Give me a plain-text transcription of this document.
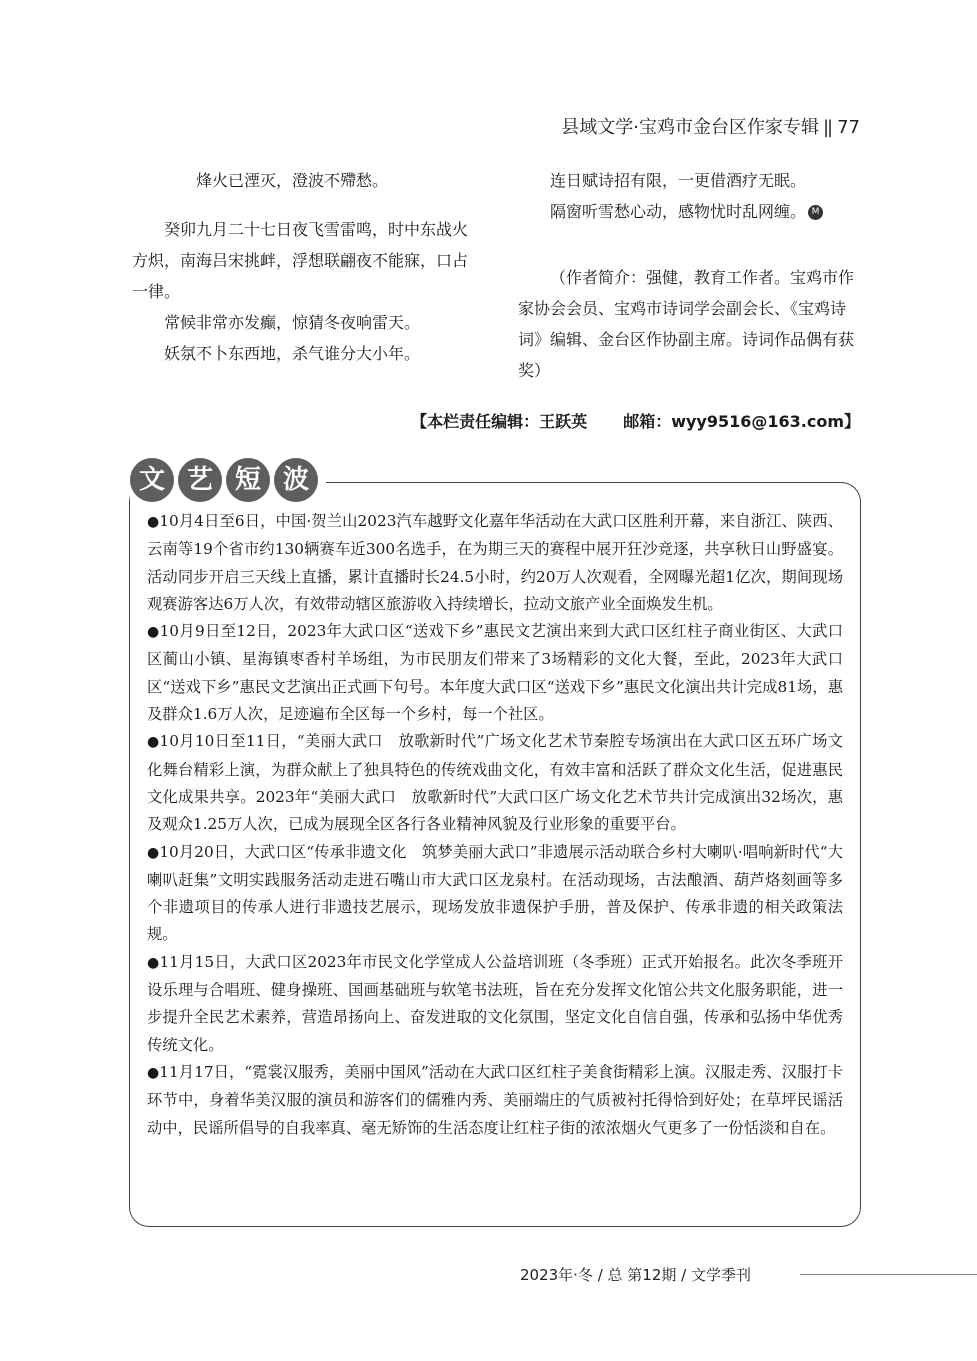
县域文学·宝鸡市金台区作家专辑 || 77

烽火已湮灭，澄波不殢愁。

癸卯九月二十七日夜飞雪雷鸣，时中东战火方炽，南海吕宋挑衅，浮想联翩夜不能寐，口占一律。

常候非常亦发癫，惊猜冬夜响雷天。

妖氛不卜东西地，杀气谁分大小年。

连日赋诗招有限，一更借酒疗无眠。

隔窗听雪愁心动，感物忧时乱网缠。 M

（作者简介：强健，教育工作者。宝鸡市作家协会会员、宝鸡市诗词学会副会长、《宝鸡诗词》编辑、金台区作协副主席。诗词作品偶有获奖）

【本栏责任编辑：王跃英 邮箱：wyy9516@163.com】
文 艺 短 波

●10月4日至6日，中国·贺兰山2023汽车越野文化嘉年华活动在大武口区胜利开幕，来自浙江、陕西、云南等19个省市约130辆赛车近300名选手，在为期三天的赛程中展开狂沙竞逐，共享秋日山野盛宴。活动同步开启三天线上直播，累计直播时长24.5小时，约20万人次观看，全网曝光超1亿次，期间现场观赛游客达6万人次，有效带动辖区旅游收入持续增长，拉动文旅产业全面焕发生机。

●10月9日至12日，2023年大武口区“送戏下乡”惠民文艺演出来到大武口区红柱子商业街区、大武口区蔺山小镇、星海镇枣香村羊场组，为市民朋友们带来了3场精彩的文化大餐，至此，2023年大武口区“送戏下乡”惠民文艺演出正式画下句号。本年度大武口区“送戏下乡”惠民文化演出共计完成81场，惠及群众1.6万人次，足迹遍布全区每一个乡村，每一个社区。

●10月10日至11日，“美丽大武口　放歌新时代”广场文化艺术节秦腔专场演出在大武口区五环广场文化舞台精彩上演，为群众献上了独具特色的传统戏曲文化，有效丰富和活跃了群众文化生活，促进惠民文化成果共享。2023年“美丽大武口　放歌新时代”大武口区广场文化艺术节共计完成演出32场次，惠及观众1.25万人次，已成为展现全区各行各业精神风貌及行业形象的重要平台。

●10月20日，大武口区“传承非遗文化　筑梦美丽大武口”非遗展示活动联合乡村大喇叭·唱响新时代“大喇叭赶集”文明实践服务活动走进石嘴山市大武口区龙泉村。在活动现场，古法酿酒、葫芦烙刻画等多个非遗项目的传承人进行非遗技艺展示，现场发放非遗保护手册，普及保护、传承非遗的相关政策法规。

●11月15日，大武口区2023年市民文化学堂成人公益培训班（冬季班）正式开始报名。此次冬季班开设乐理与合唱班、健身操班、国画基础班与软笔书法班，旨在充分发挥文化馆公共文化服务职能，进一步提升全民艺术素养，营造昂扬向上、奋发进取的文化氛围，坚定文化自信自强，传承和弘扬中华优秀传统文化。

●11月17日，“霓裳汉服秀，美丽中国风”活动在大武口区红柱子美食街精彩上演。汉服走秀、汉服打卡环节中，身着华美汉服的演员和游客们的儒雅内秀、美丽端庄的气质被衬托得恰到好处；在草坪民谣活动中，民谣所倡导的自我率真、毫无矫饰的生活态度让红柱子街的浓浓烟火气更多了一份恬淡和自在。

2023年·冬 / 总 第12期 / 文学季刊
